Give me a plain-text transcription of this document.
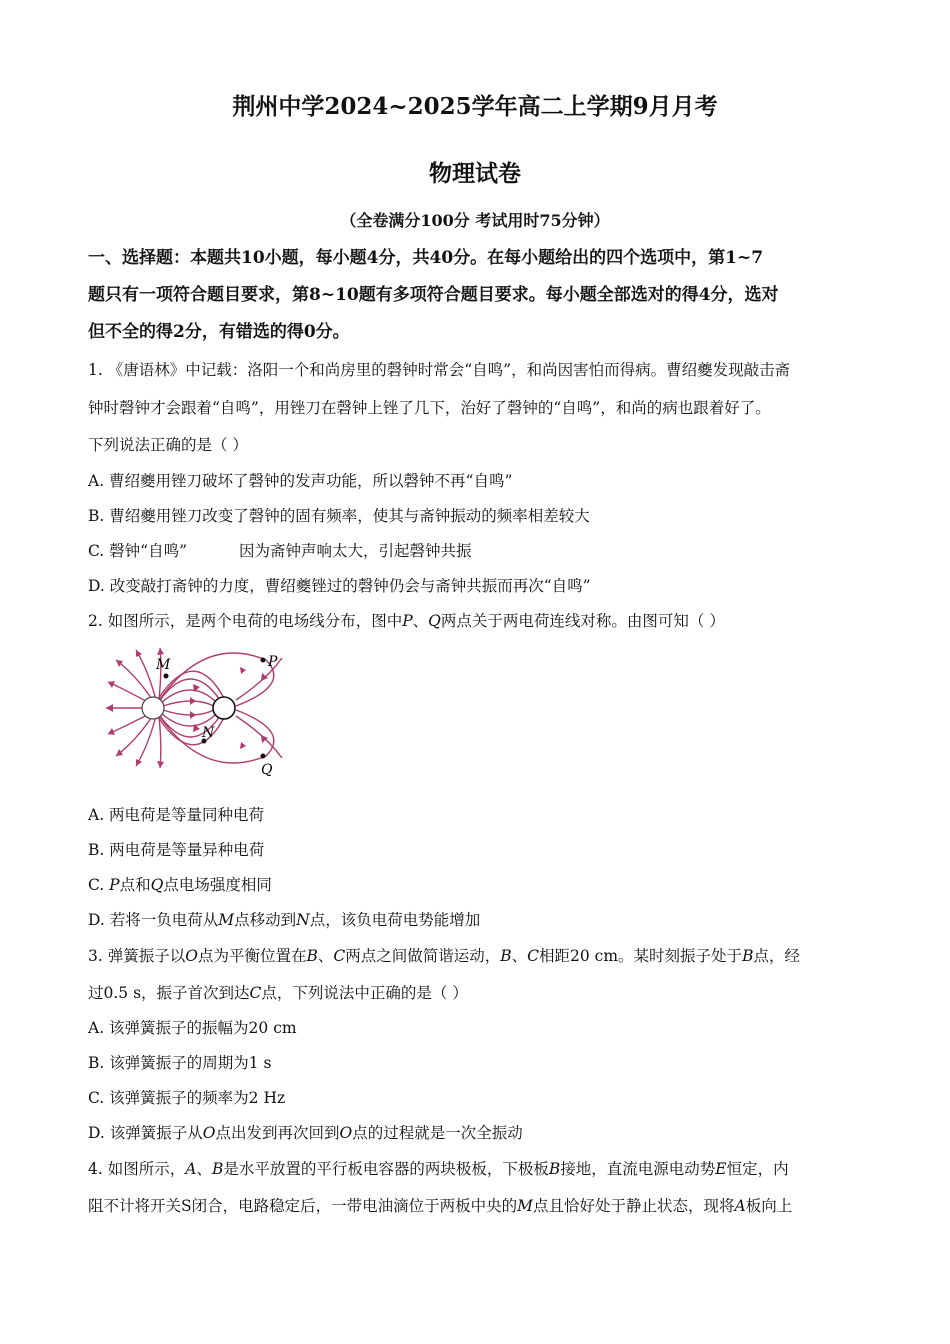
荆州中学2024~2025学年高二上学期9月月考
物理试卷
（全卷满分100分 考试用时75分钟）
一、选择题：本题共10小题，每小题4分，共40分。在每小题给出的四个选项中，第1~7
题只有一项符合题目要求，第8~10题有多项符合题目要求。每小题全部选对的得4分，选对
但不全的得2分，有错选的得0分。
1. 《唐语林》中记载：洛阳一个和尚房里的磬钟时常会“自鸣”，和尚因害怕而得病。曹绍夔发现敲击斋
钟时磬钟才会跟着“自鸣”，用锉刀在磬钟上锉了几下，治好了磬钟的“自鸣”，和尚的病也跟着好了。
下列说法正确的是（ ）
A. 曹绍夔用锉刀破坏了磬钟的发声功能，所以磬钟不再“自鸣”
B. 曹绍夔用锉刀改变了磬钟的固有频率，使其与斋钟振动的频率相差较大
C. 磬钟“自鸣”	因为斋钟声响太大，引起磬钟共振
D. 改变敲打斋钟的力度，曹绍夔锉过的磬钟仍会与斋钟共振而再次“自鸣”
2. 如图所示，是两个电荷的电场线分布，图中P、Q两点关于两电荷连线对称。由图可知（ ）
M
N
P
Q
A. 两电荷是等量同种电荷
B. 两电荷是等量异种电荷
C. P点和Q点电场强度相同
D. 若将一负电荷从M点移动到N点，该负电荷电势能增加
3. 弹簧振子以O点为平衡位置在B、C两点之间做简谐运动，B、C相距20 cm。某时刻振子处于B点，经
过0.5 s，振子首次到达C点，下列说法中正确的是（ ）
A. 该弹簧振子的振幅为20 cm
B. 该弹簧振子的周期为1 s
C. 该弹簧振子的频率为2 Hz
D. 该弹簧振子从O点出发到再次回到O点的过程就是一次全振动
4. 如图所示，A、B是水平放置的平行板电容器的两块极板，下极板B接地，直流电源电动势E恒定，内
阻不计将开关S闭合，电路稳定后，一带电油滴位于两板中央的M点且恰好处于静止状态，现将A板向上
